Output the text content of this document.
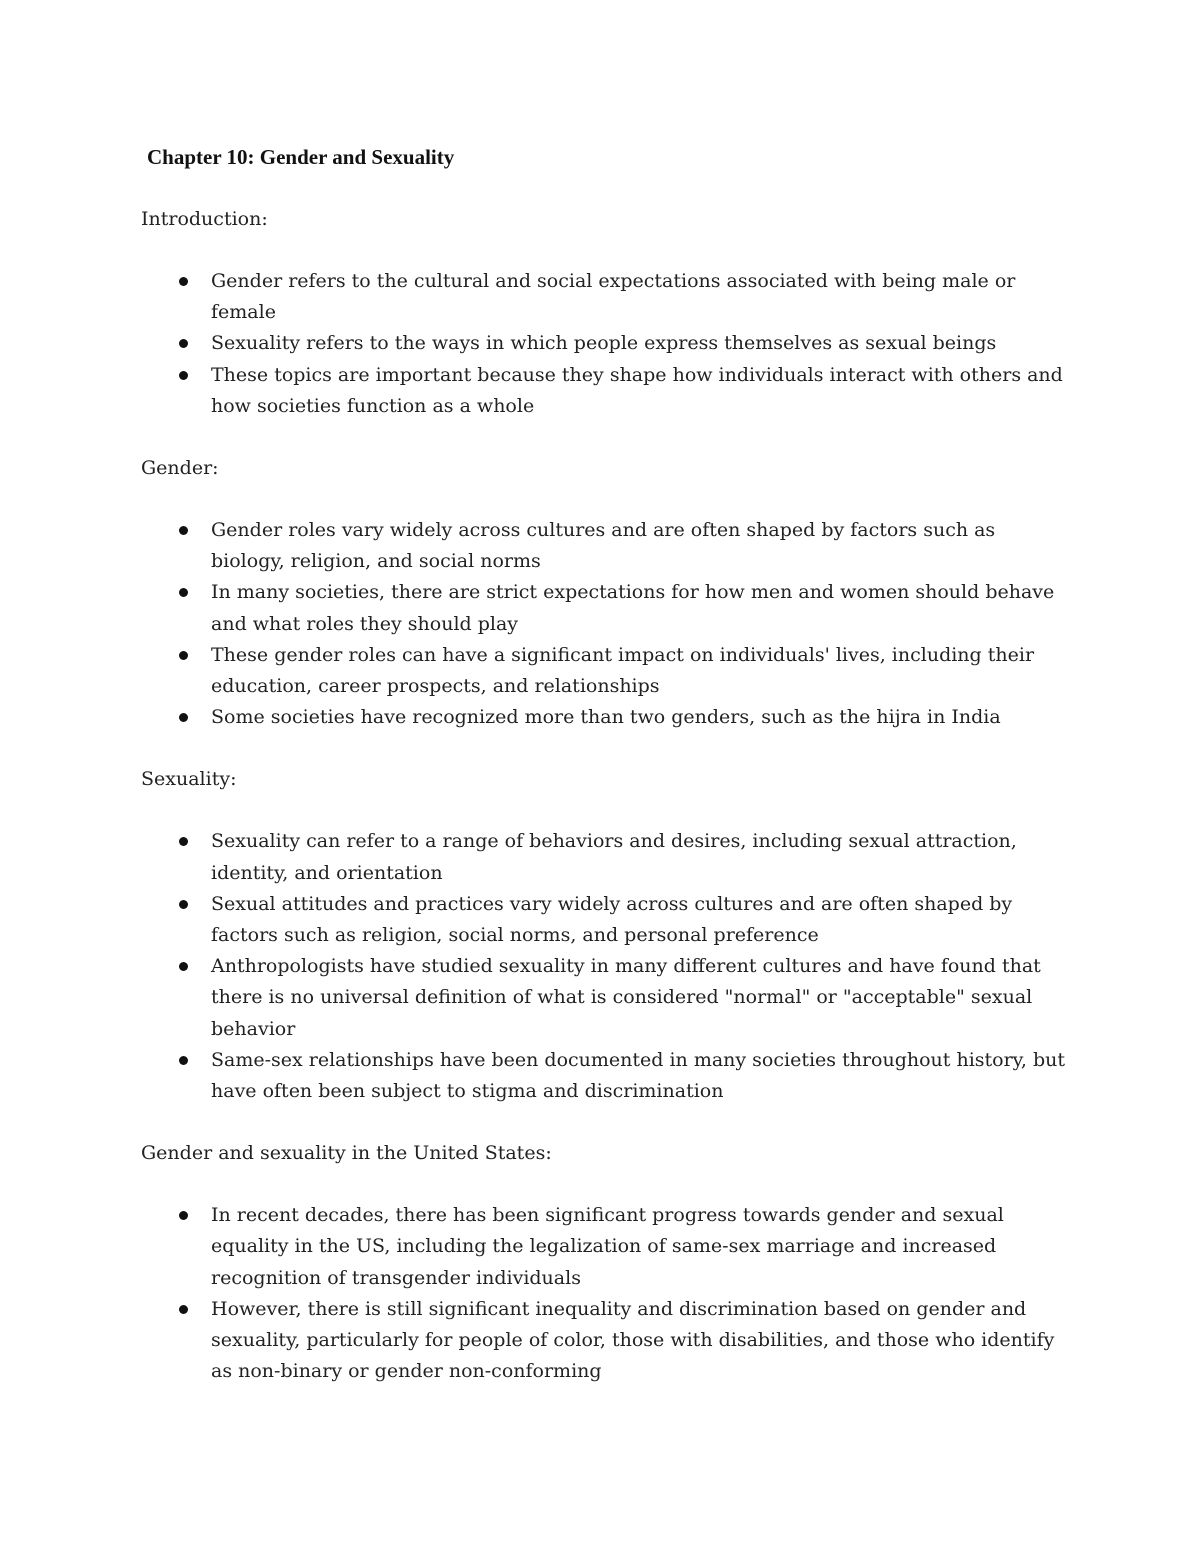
Chapter 10: Gender and Sexuality

Introduction:

Gender refers to the cultural and social expectations associated with being male or female
Sexuality refers to the ways in which people express themselves as sexual beings
These topics are important because they shape how individuals interact with others and how societies function as a whole

Gender:

Gender roles vary widely across cultures and are often shaped by factors such as biology, religion, and social norms
In many societies, there are strict expectations for how men and women should behave and what roles they should play
These gender roles can have a significant impact on individuals' lives, including their education, career prospects, and relationships
Some societies have recognized more than two genders, such as the hijra in India

Sexuality:

Sexuality can refer to a range of behaviors and desires, including sexual attraction, identity, and orientation
Sexual attitudes and practices vary widely across cultures and are often shaped by factors such as religion, social norms, and personal preference
Anthropologists have studied sexuality in many different cultures and have found that there is no universal definition of what is considered "normal" or "acceptable" sexual behavior
Same-sex relationships have been documented in many societies throughout history, but have often been subject to stigma and discrimination

Gender and sexuality in the United States:

In recent decades, there has been significant progress towards gender and sexual equality in the US, including the legalization of same-sex marriage and increased recognition of transgender individuals
However, there is still significant inequality and discrimination based on gender and sexuality, particularly for people of color, those with disabilities, and those who identify as non-binary or gender non-conforming
